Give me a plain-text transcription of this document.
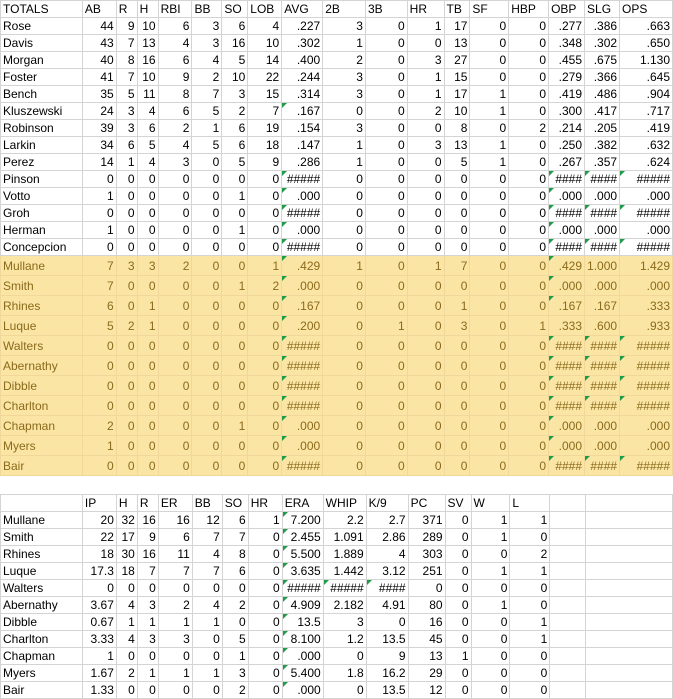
TOTALS	AB	R	H	RBI	BB	SO	LOB	AVG	2B	3B	HR	TB	SF	HBP	OBP	SLG	OPS
Rose	44	9	10	6	3	6	4	.227	3	0	1	17	0	0	.277	.386	.663
Davis	43	7	13	4	3	16	10	.302	1	0	0	13	0	0	.348	.302	.650
Morgan	40	8	16	6	4	5	14	.400	2	0	3	27	0	0	.455	.675	1.130
Foster	41	7	10	9	2	10	22	.244	3	0	1	15	0	0	.279	.366	.645
Bench	35	5	11	8	7	3	15	.314	3	0	1	17	1	0	.419	.486	.904
Kluszewski	24	3	4	6	5	2	7	.167	0	0	2	10	1	0	.300	.417	.717
Robinson	39	3	6	2	1	6	19	.154	3	0	0	8	0	2	.214	.205	.419
Larkin	34	6	5	4	5	6	18	.147	1	0	3	13	1	0	.250	.382	.632
Perez	14	1	4	3	0	5	9	.286	1	0	0	5	1	0	.267	.357	.624
Pinson	0	0	0	0	0	0	0	#####	0	0	0	0	0	0	####	####	#####
Votto	1	0	0	0	0	1	0	.000	0	0	0	0	0	0	.000	.000	.000
Groh	0	0	0	0	0	0	0	#####	0	0	0	0	0	0	####	####	#####
Herman	1	0	0	0	0	1	0	.000	0	0	0	0	0	0	.000	.000	.000
Concepcion	0	0	0	0	0	0	0	#####	0	0	0	0	0	0	####	####	#####
Mullane	7	3	3	2	0	0	1	.429	1	0	1	7	0	0	.429	1.000	1.429
Smith	7	0	0	0	0	1	2	.000	0	0	0	0	0	0	.000	.000	.000
Rhines	6	0	1	0	0	0	0	.167	0	0	0	1	0	0	.167	.167	.333
Luque	5	2	1	0	0	0	0	.200	0	1	0	3	0	1	.333	.600	.933
Walters	0	0	0	0	0	0	0	#####	0	0	0	0	0	0	####	####	#####
Abernathy	0	0	0	0	0	0	0	#####	0	0	0	0	0	0	####	####	#####
Dibble	0	0	0	0	0	0	0	#####	0	0	0	0	0	0	####	####	#####
Charlton	0	0	0	0	0	0	0	#####	0	0	0	0	0	0	####	####	#####
Chapman	2	0	0	0	0	1	0	.000	0	0	0	0	0	0	.000	.000	.000
Myers	1	0	0	0	0	0	0	.000	0	0	0	0	0	0	.000	.000	.000
Bair	0	0	0	0	0	0	0	#####	0	0	0	0	0	0	####	####	#####
	IP	H	R	ER	BB	SO	HR	ERA	WHIP	K/9	PC	SV	W	L		
Mullane	20	32	16	16	12	6	1	7.200	2.2	2.7	371	0	1	1		
Smith	22	17	9	6	7	7	0	2.455	1.091	2.86	289	0	1	0		
Rhines	18	30	16	11	4	8	0	5.500	1.889	4	303	0	0	2		
Luque	17.3	18	7	7	7	6	0	3.635	1.442	3.12	251	0	1	1		
Walters	0	0	0	0	0	0	0	#####	#####	####	0	0	0	0		
Abernathy	3.67	4	3	2	4	2	0	4.909	2.182	4.91	80	0	1	0		
Dibble	0.67	1	1	1	1	0	0	13.5	3	0	16	0	0	1		
Charlton	3.33	4	3	3	0	5	0	8.100	1.2	13.5	45	0	0	1		
Chapman	1	0	0	0	0	1	0	.000	0	9	13	1	0	0		
Myers	1.67	2	1	1	1	3	0	5.400	1.8	16.2	29	0	0	0		
Bair	1.33	0	0	0	0	2	0	.000	0	13.5	12	0	0	0		
